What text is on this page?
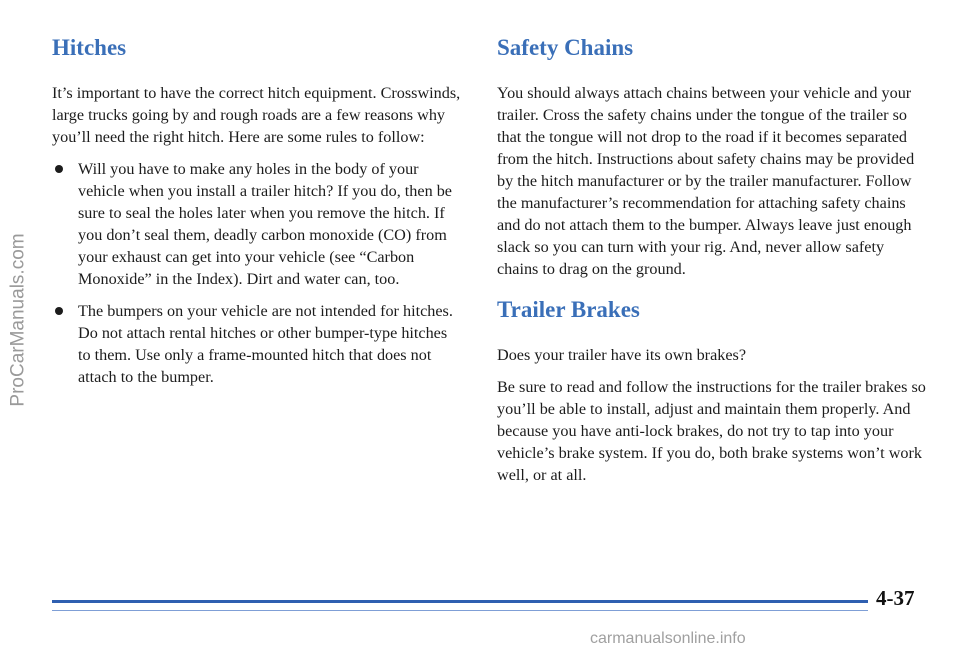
ProCarManuals.com
Hitches

It’s important to have the correct hitch equipment. Crosswinds, large trucks going by and rough roads are a few reasons why you’ll need the right hitch. Here are some rules to follow:

Will you have to make any holes in the body of your vehicle when you install a trailer hitch? If you do, then be sure to seal the holes later when you remove the hitch. If you don’t seal them, deadly carbon monoxide (CO) from your exhaust can get into your vehicle (see “Carbon Monoxide” in the Index). Dirt and water can, too.
The bumpers on your vehicle are not intended for hitches. Do not attach rental hitches or other bumper-type hitches to them. Use only a frame-mounted hitch that does not attach to the bumper.
Safety Chains

You should always attach chains between your vehicle and your trailer. Cross the safety chains under the tongue of the trailer so that the tongue will not drop to the road if it becomes separated from the hitch. Instructions about safety chains may be provided by the hitch manufacturer or by the trailer manufacturer. Follow the manufacturer’s recommendation for attaching safety chains and do not attach them to the bumper. Always leave just enough slack so you can turn with your rig. And, never allow safety chains to drag on the ground.

Trailer Brakes

Does your trailer have its own brakes?

Be sure to read and follow the instructions for the trailer brakes so you’ll be able to install, adjust and maintain them properly. And because you have anti-lock brakes, do not try to tap into your vehicle’s brake system. If you do, both brake systems won’t work well, or at all.

4-37
carmanualsonline.info
